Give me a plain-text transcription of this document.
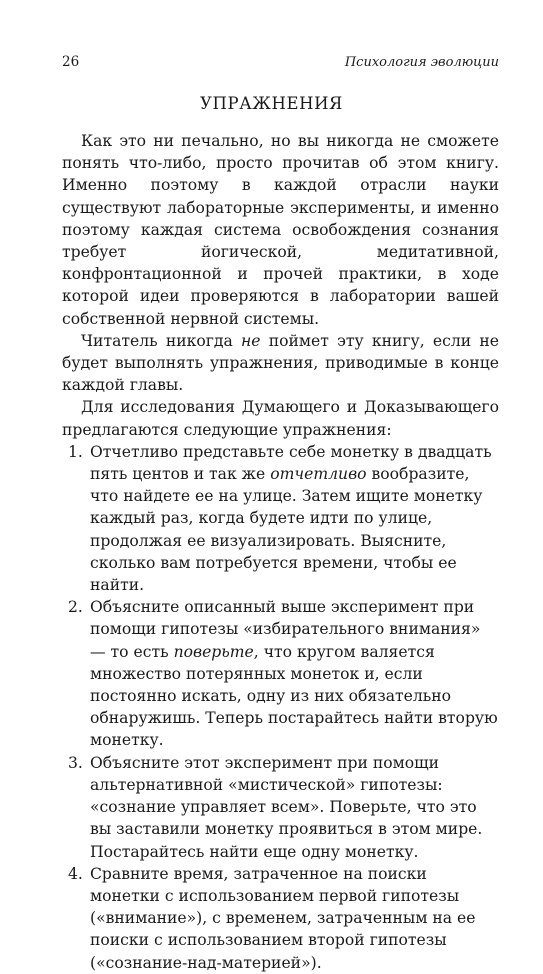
26	Психология эволюции
УПРАЖНЕНИЯ

Как это ни печально, но вы никогда не сможете понять что-либо, просто прочитав об этом книгу. Именно поэтому в каждой отрасли науки существуют лабораторные эксперименты, и именно поэтому каждая система освобождения сознания требует йогической, медитативной, конфронтационной и прочей практики, в ходе которой идеи проверяются в лаборатории вашей собственной нервной системы.

Читатель никогда не поймет эту книгу, если не будет выполнять упражнения, приводимые в конце каждой главы.

Для исследования Думающего и Доказывающего предлагаются следующие упражнения:

1. Отчетливо представьте себе монетку в двадцать пять центов и так же отчетливо вообразите, что найдете ее на улице. Затем ищите монетку каждый раз, когда будете идти по улице, продолжая ее визуализировать. Выясните, сколько вам потребуется времени, чтобы ее найти.
2. Объясните описанный выше эксперимент при помощи гипотезы «избирательного внимания» — то есть поверьте, что кругом валяется множество потерянных монеток и, если постоянно искать, одну из них обязательно обнаружишь. Теперь постарайтесь найти вторую монетку.
3. Объясните этот эксперимент при помощи альтернативной «мистической» гипотезы: «сознание управляет всем». Поверьте, что это вы заставили монетку проявиться в этом мире. Постарайтесь найти еще одну монетку.
4. Сравните время, затраченное на поиски монетки с использованием первой гипотезы («внимание»), с временем, затраченным на ее поиски с использованием второй гипотезы («сознание-над-материей»).
